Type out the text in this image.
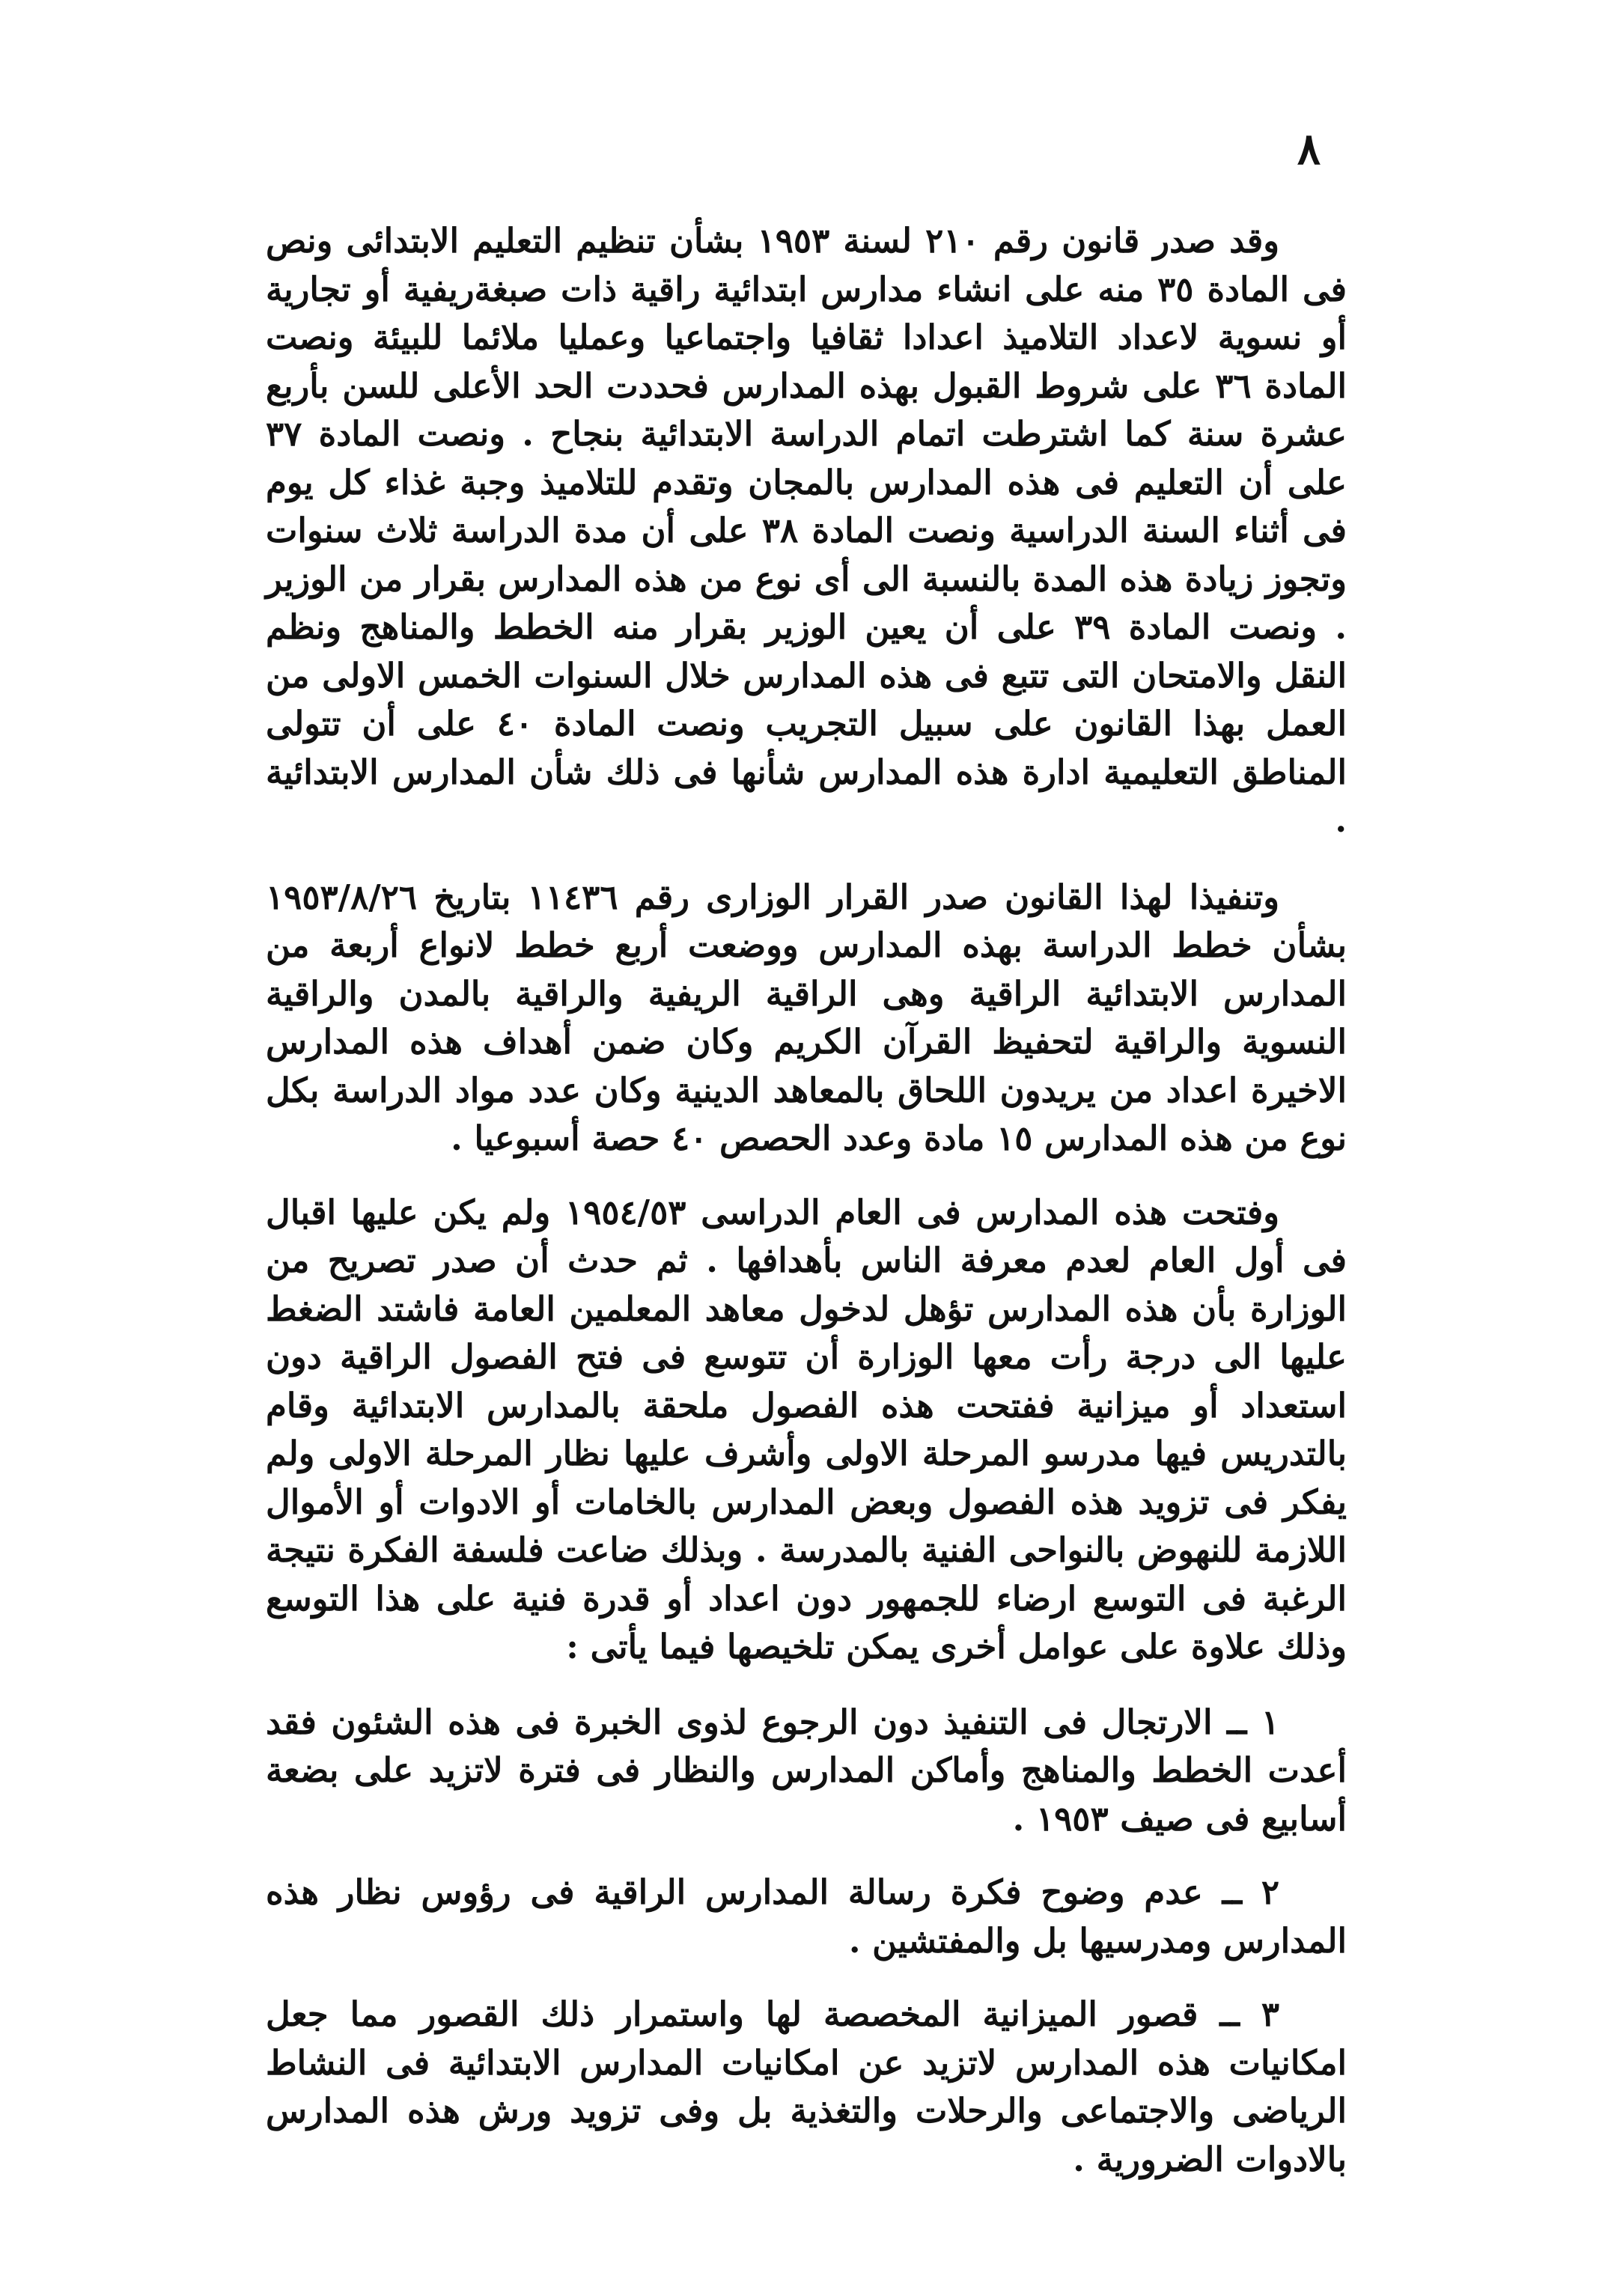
٨

وقد صدر قانون رقم ٢١٠ لسنة ١٩٥٣ بشأن تنظيم التعليم الابتدائى ونص فى المادة ٣٥ منه على انشاء مدارس ابتدائية راقية ذات صبغةريفية أو تجارية أو نسوية لاعداد التلاميذ اعدادا ثقافيا واجتماعيا وعمليا ملائما للبيئة ونصت المادة ٣٦ على شروط القبول بهذه المدارس فحددت الحد الأعلى للسن بأربع عشرة سنة كما اشترطت اتمام الدراسة الابتدائية بنجاح . ونصت المادة ٣٧ على أن التعليم فى هذه المدارس بالمجان وتقدم للتلاميذ وجبة غذاء كل يوم فى أثناء السنة الدراسية ونصت المادة ٣٨ على أن مدة الدراسة ثلاث سنوات وتجوز زيادة هذه المدة بالنسبة الى أى نوع من هذه المدارس بقرار من الوزير . ونصت المادة ٣٩ على أن يعين الوزير بقرار منه الخطط والمناهج ونظم النقل والامتحان التى تتبع فى هذه المدارس خلال السنوات الخمس الاولى من العمل بهذا القانون على سبيل التجريب ونصت المادة ٤٠ على أن تتولى المناطق التعليمية ادارة هذه المدارس شأنها فى ذلك شأن المدارس الابتدائية .

وتنفيذا لهذا القانون صدر القرار الوزارى رقم ١١٤٣٦ بتاريخ ١٩٥٣/٨/٢٦ بشأن خطط الدراسة بهذه المدارس ووضعت أربع خطط لانواع أربعة من المدارس الابتدائية الراقية وهى الراقية الريفية والراقية بالمدن والراقية النسوية والراقية لتحفيظ القرآن الكريم وكان ضمن أهداف هذه المدارس الاخيرة اعداد من يريدون اللحاق بالمعاهد الدينية وكان عدد مواد الدراسة بكل نوع من هذه المدارس ١٥ مادة وعدد الحصص ٤٠ حصة أسبوعيا .

وفتحت هذه المدارس فى العام الدراسى ١٩٥٤/٥٣ ولم يكن عليها اقبال فى أول العام لعدم معرفة الناس بأهدافها . ثم حدث أن صدر تصريح من الوزارة بأن هذه المدارس تؤهل لدخول معاهد المعلمين العامة فاشتد الضغط عليها الى درجة رأت معها الوزارة أن تتوسع فى فتح الفصول الراقية دون استعداد أو ميزانية ففتحت هذه الفصول ملحقة بالمدارس الابتدائية وقام بالتدريس فيها مدرسو المرحلة الاولى وأشرف عليها نظار المرحلة الاولى ولم يفكر فى تزويد هذه الفصول وبعض المدارس بالخامات أو الادوات أو الأموال اللازمة للنهوض بالنواحى الفنية بالمدرسة . وبذلك ضاعت فلسفة الفكرة نتيجة الرغبة فى التوسع ارضاء للجمهور دون اعداد أو قدرة فنية على هذا التوسع وذلك علاوة على عوامل أخرى يمكن تلخيصها فيما يأتى :

١ ــ الارتجال فى التنفيذ دون الرجوع لذوى الخبرة فى هذه الشئون فقد أعدت الخطط والمناهج وأماكن المدارس والنظار فى فترة لاتزيد على بضعة أسابيع فى صيف ١٩٥٣ .

٢ ــ عدم وضوح فكرة رسالة المدارس الراقية فى رؤوس نظار هذه المدارس ومدرسيها بل والمفتشين .

٣ ــ قصور الميزانية المخصصة لها واستمرار ذلك القصور مما جعل امكانيات هذه المدارس لاتزيد عن امكانيات المدارس الابتدائية فى النشاط الرياضى والاجتماعى والرحلات والتغذية بل وفى تزويد ورش هذه المدارس بالادوات الضرورية .
